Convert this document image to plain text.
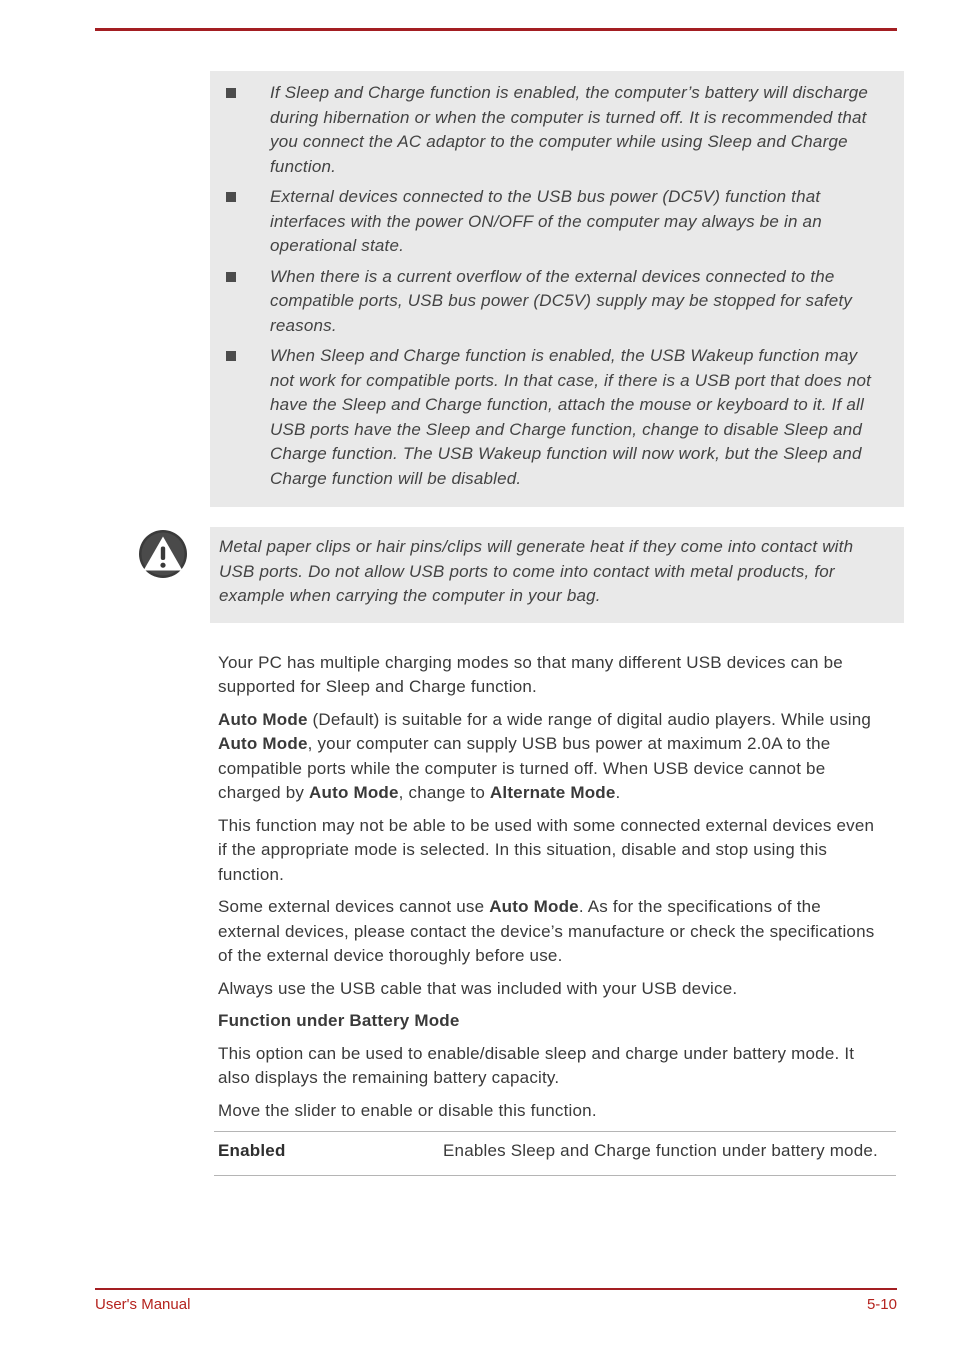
If Sleep and Charge function is enabled, the computer’s battery will discharge during hibernation or when the computer is turned off. It is recommended that you connect the AC adaptor to the computer while using Sleep and Charge function.
External devices connected to the USB bus power (DC5V) function that interfaces with the power ON/OFF of the computer may always be in an operational state.
When there is a current overflow of the external devices connected to the compatible ports, USB bus power (DC5V) supply may be stopped for safety reasons.
When Sleep and Charge function is enabled, the USB Wakeup function may not work for compatible ports. In that case, if there is a USB port that does not have the Sleep and Charge function, attach the mouse or keyboard to it. If all USB ports have the Sleep and Charge function, change to disable Sleep and Charge function. The USB Wakeup function will now work, but the Sleep and Charge function will be disabled.
Metal paper clips or hair pins/clips will generate heat if they come into contact with USB ports. Do not allow USB ports to come into contact with metal products, for example when carrying the computer in your bag.

Your PC has multiple charging modes so that many different USB devices can be supported for Sleep and Charge function.

Auto Mode (Default) is suitable for a wide range of digital audio players. While using Auto Mode, your computer can supply USB bus power at maximum 2.0A to the compatible ports while the computer is turned off. When USB device cannot be charged by Auto Mode, change to Alternate Mode.

This function may not be able to be used with some connected external devices even if the appropriate mode is selected. In this situation, disable and stop using this function.

Some external devices cannot use Auto Mode. As for the specifications of the external devices, please contact the device’s manufacture or check the specifications of the external device thoroughly before use.

Always use the USB cable that was included with your USB device.

Function under Battery Mode

This option can be used to enable/disable sleep and charge under battery mode. It also displays the remaining battery capacity.

Move the slider to enable or disable this function.

Enabled	Enables Sleep and Charge function under battery mode.
User's Manual	5-10
